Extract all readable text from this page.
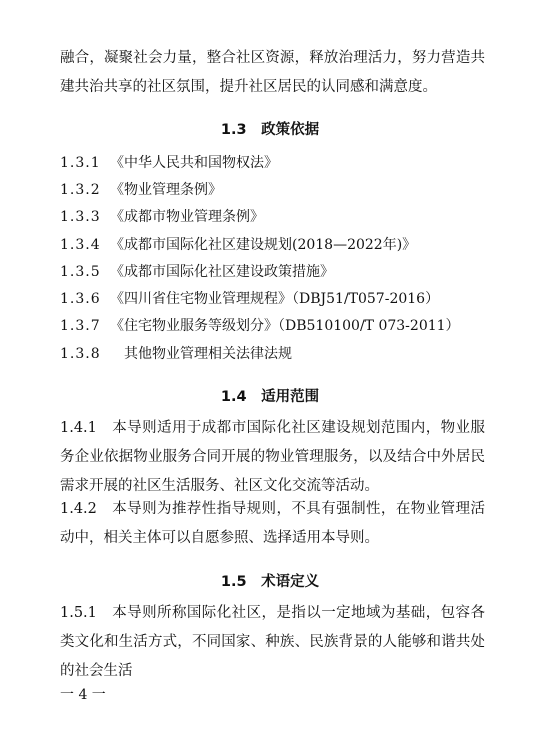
融合，凝聚社会力量，整合社区资源，释放治理活力，努力营造共建共治共享的社区氛围，提升社区居民的认同感和满意度。
1.3　政策依据
1.3.1 《中华人民共和国物权法》
1.3.2 《物业管理条例》
1.3.3 《成都市物业管理条例》
1.3.4 《成都市国际化社区建设规划(2018—2022年)》
1.3.5 《成都市国际化社区建设政策措施》
1.3.6 《四川省住宅物业管理规程》（DBJ51/T057-2016）
1.3.7 《住宅物业服务等级划分》（DB510100/T 073-2011）
1.3.8　其他物业管理相关法律法规
1.4　适用范围
1.4.1　本导则适用于成都市国际化社区建设规划范围内，物业服务企业依据物业服务合同开展的物业管理服务，以及结合中外居民需求开展的社区生活服务、社区文化交流等活动。
1.4.2　本导则为推荐性指导规则，不具有强制性，在物业管理活动中，相关主体可以自愿参照、选择适用本导则。
1.5　术语定义
1.5.1　本导则所称国际化社区，是指以一定地域为基础，包容各类文化和生活方式，不同国家、种族、民族背景的人能够和谐共处的社会生活
一 4 一
